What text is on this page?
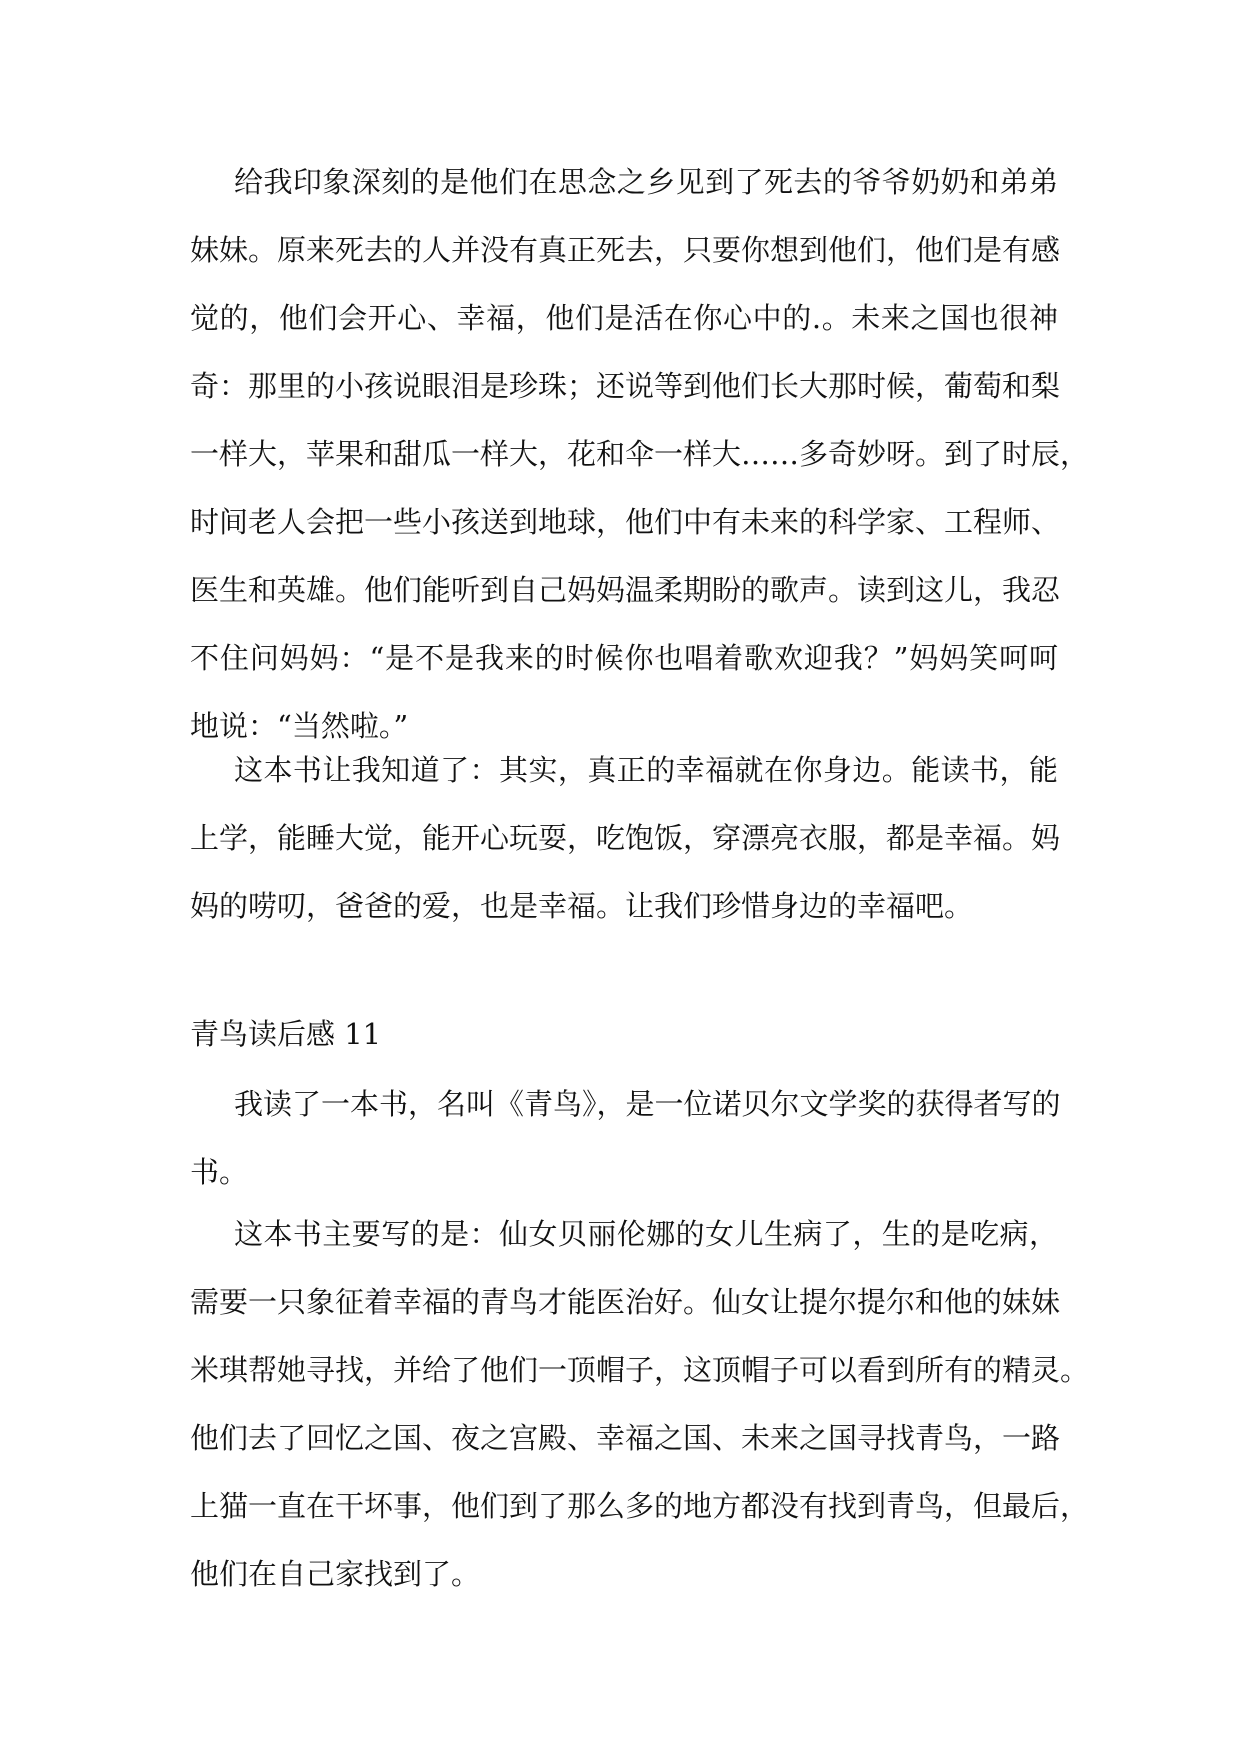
给我印象深刻的是他们在思念之乡见到了死去的爷爷奶奶和弟弟
妹妹。原来死去的人并没有真正死去，只要你想到他们，他们是有感
觉的，他们会开心、幸福，他们是活在你心中的.。未来之国也很神
奇：那里的小孩说眼泪是珍珠；还说等到他们长大那时候，葡萄和梨
一样大，苹果和甜瓜一样大，花和伞一样大……多奇妙呀。到了时辰，
时间老人会把一些小孩送到地球，他们中有未来的科学家、工程师、
医生和英雄。他们能听到自己妈妈温柔期盼的歌声。读到这儿，我忍
不住问妈妈：“是不是我来的时候你也唱着歌欢迎我？”妈妈笑呵呵
地说：“当然啦。”
这本书让我知道了：其实，真正的幸福就在你身边。能读书，能
上学，能睡大觉，能开心玩耍，吃饱饭，穿漂亮衣服，都是幸福。妈
妈的唠叨，爸爸的爱，也是幸福。让我们珍惜身边的幸福吧。
青鸟读后感 11
我读了一本书，名叫《青鸟》，是一位诺贝尔文学奖的获得者写的
书。
这本书主要写的是：仙女贝丽伦娜的女儿生病了，生的是吃病，
需要一只象征着幸福的青鸟才能医治好。仙女让提尔提尔和他的妹妹
米琪帮她寻找，并给了他们一顶帽子，这顶帽子可以看到所有的精灵。
他们去了回忆之国、夜之宫殿、幸福之国、未来之国寻找青鸟，一路
上猫一直在干坏事，他们到了那么多的地方都没有找到青鸟，但最后，
他们在自己家找到了。
